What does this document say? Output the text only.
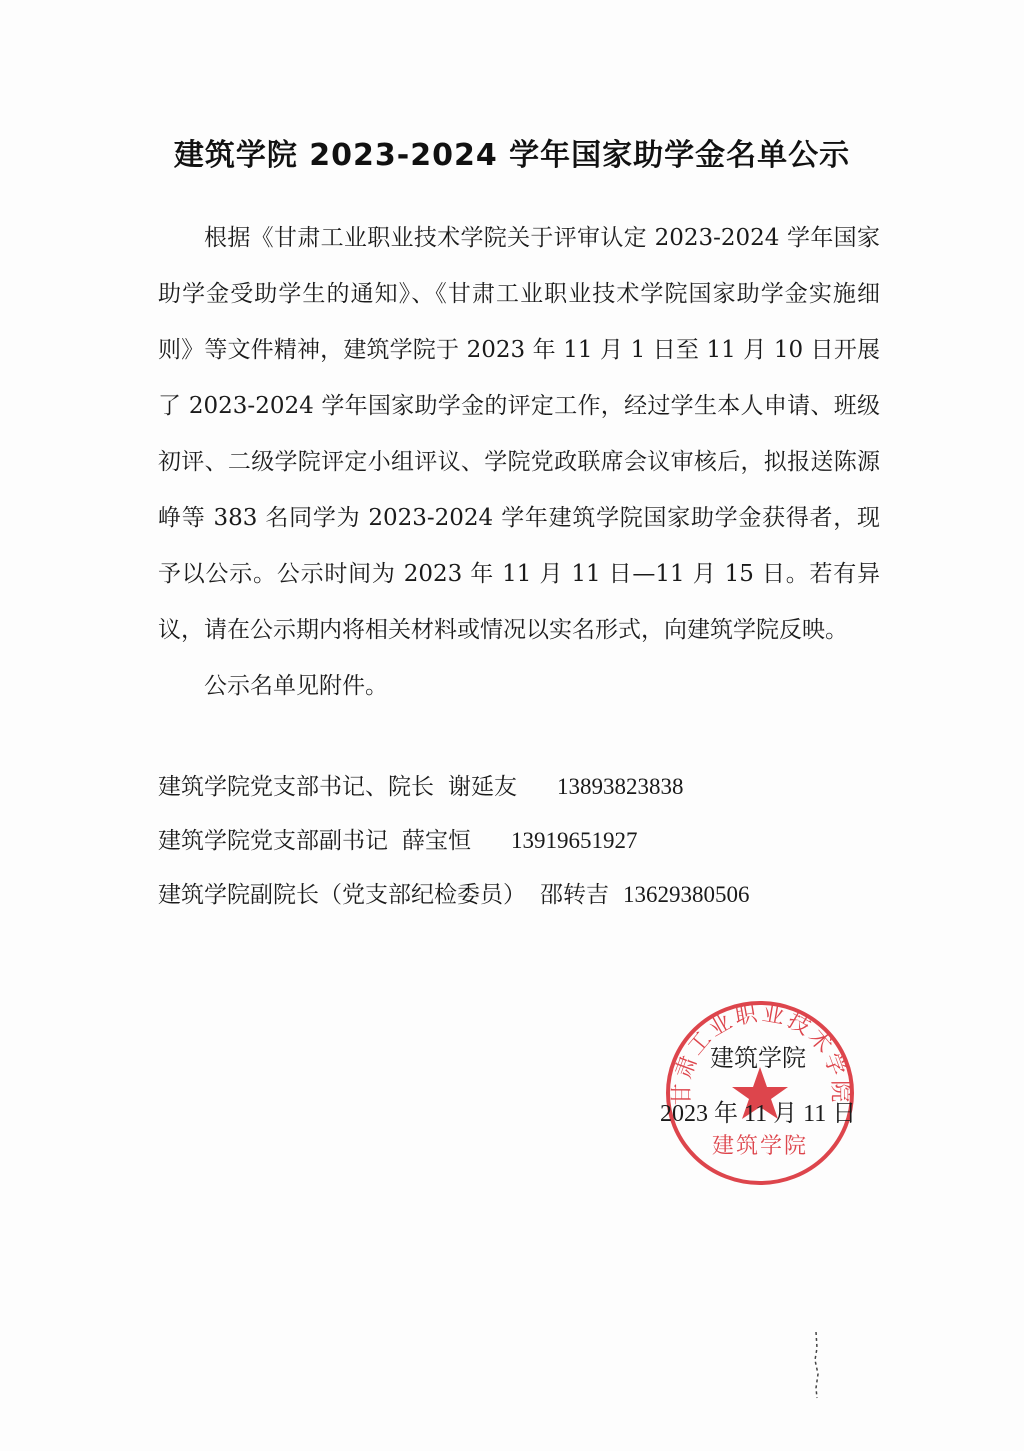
建筑学院 2023-2024 学年国家助学金名单公示

根据《甘肃工业职业技术学院关于评审认定 2023-2024 学年国家助学金受助学生的通知》、《甘肃工业职业技术学院国家助学金实施细则》等文件精神，建筑学院于 2023 年 11 月 1 日至 11 月 10 日开展了 2023-2024 学年国家助学金的评定工作，经过学生本人申请、班级初评、二级学院评定小组评议、学院党政联席会议审核后，拟报送陈源峥等 383 名同学为 2023-2024 学年建筑学院国家助学金获得者，现予以公示。公示时间为 2023 年 11 月 11 日—11 月 15 日。若有异议，请在公示期内将相关材料或情况以实名形式，向建筑学院反映。

公示名单见附件。

建筑学院党支部书记、院长 谢延友 13893823838
建筑学院党支部副书记 薛宝恒 13919651927
建筑学院副院长（党支部纪检委员） 邵转吉 13629380506
甘肃工业职业技术学院
建筑学院
建筑学院
2023 年 11 月 11 日
